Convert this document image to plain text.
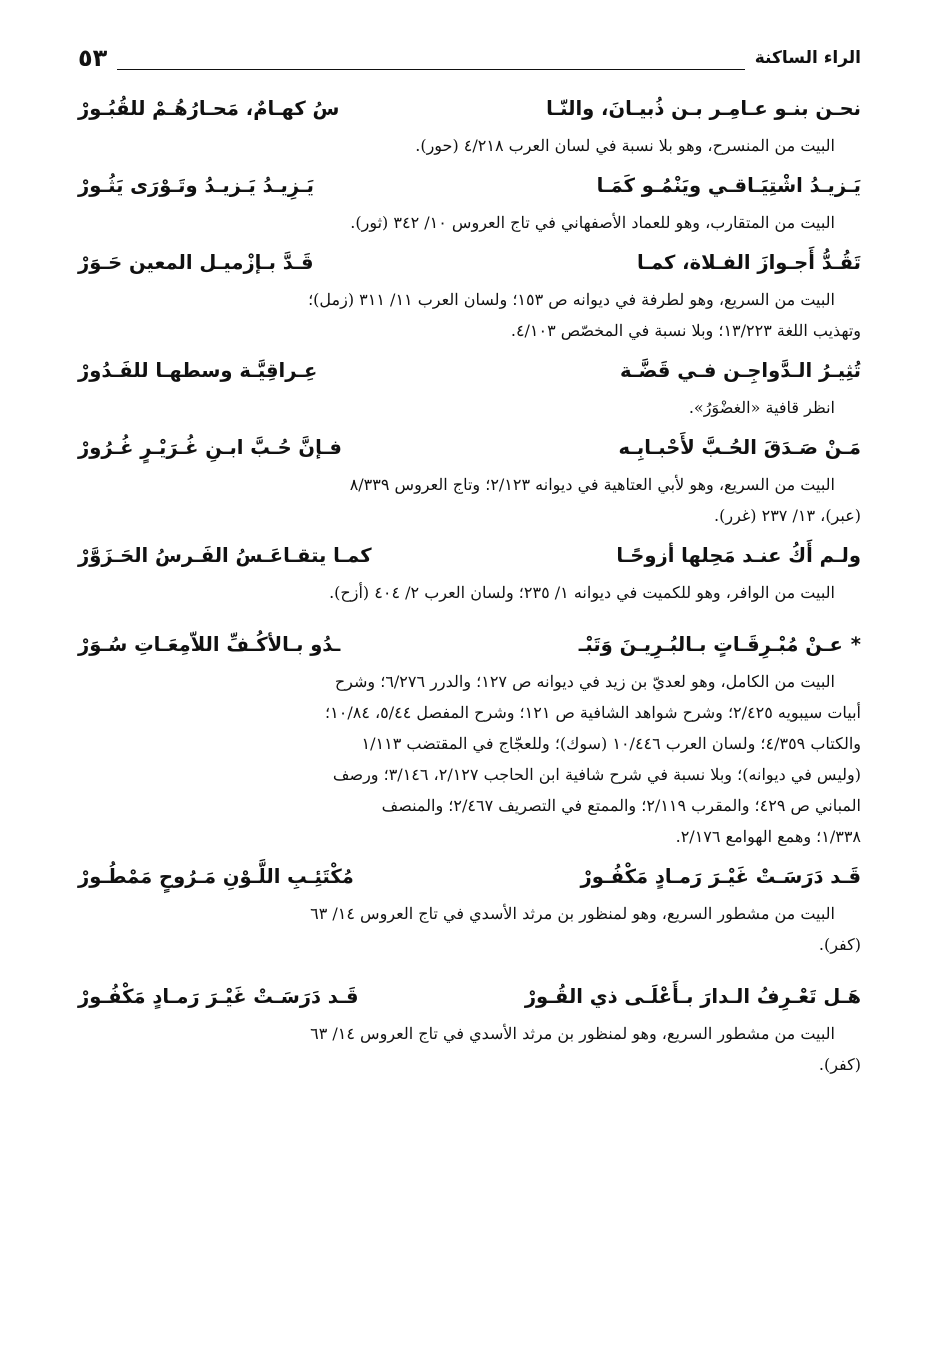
الراء الساكنة
٥٣
نحـن بنـو عـامِـر بـن ذُبيـانَ، والنّـا
سُ كهـامٌ، مَحـارُهُـمْ للقُبُـورْ

البيت من المنسرح، وهو بلا نسبة في لسان العرب ٤/٢١٨ (حور).

يَـزيـدُ اشْتِيَـاقـي ويَنْمُـو كَمَـا
يَـزِيـدُ يَـزيـدُ وتَـوْرَى يَثُـورْ

البيت من المتقارب، وهو للعماد الأصفهاني في تاج العروس ١٠/ ٣٤٢ (ثور).

تَقُـدُّ أَجـوازَ الفـلاة، كمـا
قَـدَّ بـإزْميـل المعين حَـوَرْ

البيت من السريع، وهو لطرفة في ديوانه ص ١٥٣؛ ولسان العرب ١١/ ٣١١ (زمل)؛
وتهذيب اللغة ١٣/٢٢٣؛ وبلا نسبة في المخصّص ٤/١٠٣.

تُثِيـرُ الـدَّواجِـن فـي قَضَّـة
عِـراقِيَّـة وسطهـا للفَـدُورْ

انظر قافية «الغضْوَرُ».

مَـنْ صَـدَقَ الحُـبَّ لأَحْبـابِـه
فـإنَّ حُـبَّ ابـنِ غُـرَيْـرٍ غُـرُورْ

البيت من السريع، وهو لأبي العتاهية في ديوانه ٢/١٢٣؛ وتاج العروس ٨/٣٣٩
(عبر)، ١٣/ ٢٣٧ (غرر).

ولـم أَكُ عنـد مَحِلها أزوحًـا
كمـا يتقـاعَـسُ الفَـرسُ الحَـزَوَّرْ

البيت من الوافر، وهو للكميت في ديوانه ١/ ٢٣٥؛ ولسان العرب ٢/ ٤٠٤ (أزح).

*عـنْ مُبْـرِقَـاتٍ بـالبُـرِيـنَ وَتَبْـ
ـدُو بـالأكُـفِّ اللاّمِعَـاتِ سُـوَرْ

البيت من الكامل، وهو لعديّ بن زيد في ديوانه ص ١٢٧؛ والدرر ٦/٢٧٦؛ وشرح
أبيات سيبويه ٢/٤٢٥؛ وشرح شواهد الشافية ص ١٢١؛ وشرح المفصل ٥/٤٤، ١٠/٨٤؛
والكتاب ٤/٣٥٩؛ ولسان العرب ١٠/٤٤٦ (سوك)؛ وللعجّاج في المقتضب ١/١١٣
(وليس في ديوانه)؛ وبلا نسبة في شرح شافية ابن الحاجب ٢/١٢٧، ٣/١٤٦؛ ورصف
المباني ص ٤٢٩؛ والمقرب ٢/١١٩؛ والممتع في التصريف ٢/٤٦٧؛ والمنصف
١/٣٣٨؛ وهمع الهوامع ٢/١٧٦.

قَـد دَرَسَـتْ غَيْـرَ رَمـادٍ مَكْفُـورْ
مُكْتَئِـبِ اللَّـوْنِ مَـرُوحٍ مَمْطُـورْ

البيت من مشطور السريع، وهو لمنظور بن مرثد الأسدي في تاج العروس ١٤/ ٦٣
(كفر).

هَـل تَعْـرِفُ الـدارَ بـأَعْلَـى ذي القُـورْ
قَـد دَرَسَـتْ غَيْـرَ رَمـادٍ مَكْفُـورْ

البيت من مشطور السريع، وهو لمنظور بن مرثد الأسدي في تاج العروس ١٤/ ٦٣
(كفر).
